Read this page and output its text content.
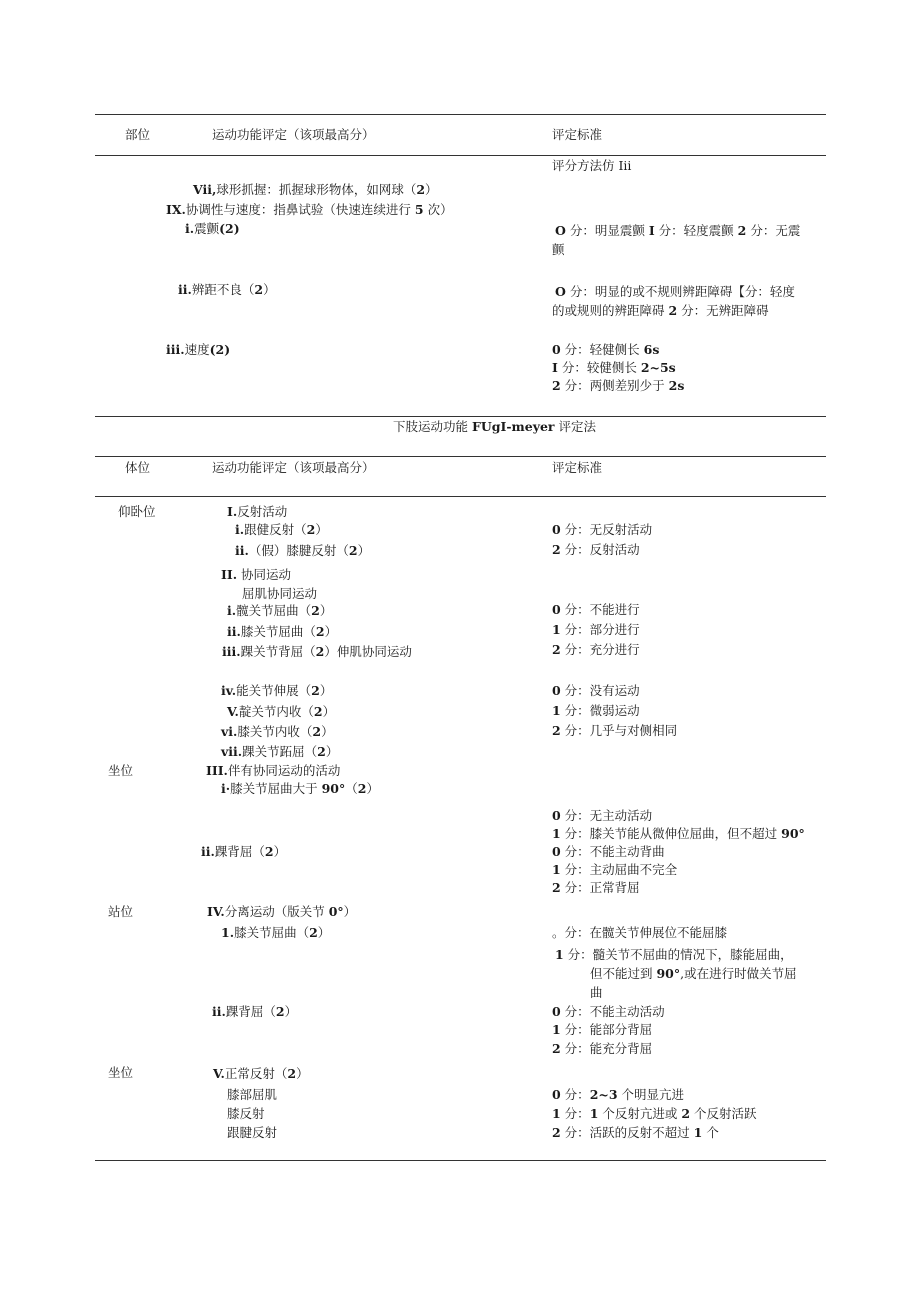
部位	运动功能评定（该项最高分）	评定标准
评分方法仿 Iii
Vii,球形抓握：抓握球形物体，如网球（2）
IX.协调性与速度：指鼻试验（快速连续进行 5 次）
i.震颤(2)	O 分：明显震颤 I 分：轻度震颤 2 分：无震
颤
ii.辨距不良（2）	O 分：明显的或不规则辨距障碍【分：轻度
的或规则的辨距障碍 2 分：无辨距障碍
iii.速度(2)	0 分：轻健侧长 6s
I 分：较健侧长 2~5s
2 分：两侧差别少于 2s
下肢运动功能 FUgI-meyer 评定法
体位	运动功能评定（该项最高分）	评定标准
仰卧位	I.反射活动
i.跟健反射（2）	0 分：无反射活动
ii.（假）膝腱反射（2）	2 分：反射活动
II. 协同运动
屈肌协同运动
i.髋关节屈曲（2）	0 分：不能进行
ii.膝关节屈曲（2）	1 分：部分进行
iii.踝关节背屈（2）伸肌协同运动	2 分：充分进行
iv.能关节伸展（2）	0 分：没有运动
V.靛关节内收（2）	1 分：微弱运动
vi.膝关节内收（2）	2 分：几乎与对侧相同
vii.踝关节跖屈（2）
坐位	III.伴有协同运动的活动
i·膝关节屈曲大于 90°（2）
0 分：无主动活动
1 分：膝关节能从微伸位屈曲，但不超过 90°
ii.踝背屈（2）	0 分：不能主动背曲
1 分：主动屈曲不完全
2 分：正常背屈
站位	IV.分离运动（版关节 0°）
1.膝关节屈曲（2）	。分：在髋关节伸展位不能屈膝
1 分：髓关节不屈曲的情况下，膝能屈曲，
但不能过到 90°,或在进行时做关节屈
曲
ii.踝背屈（2）	0 分：不能主动活动
1 分：能部分背屈
2 分：能充分背屈
坐位	V.正常反射（2）
膝部屈肌	0 分：2~3 个明显亢进
膝反射	1 分：1 个反射亢进或 2 个反射活跃
跟腱反射	2 分：活跃的反射不超过 1 个
